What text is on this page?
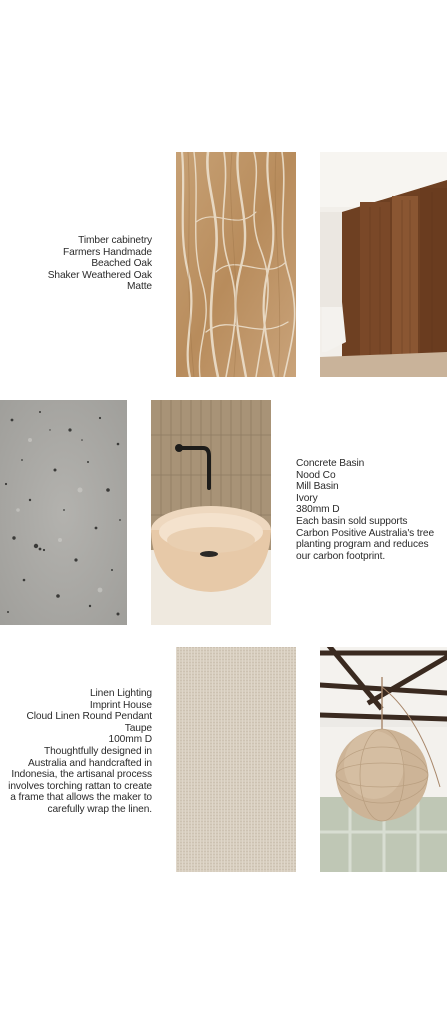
Timber cabinetry
Farmers Handmade
Beached Oak
Shaker Weathered Oak
Matte
Concrete Basin
Nood Co
Mill Basin
Ivory
380mm D
Each basin sold supports Carbon Positive Australia's tree planting program and reduces our carbon footprint.
Linen Lighting
Imprint House
Cloud Linen Round Pendant
Taupe
100mm D
Thoughtfully designed in Australia and handcrafted in Indonesia, the artisanal process involves torching rattan to create a frame that allows the maker to carefully wrap the linen.
